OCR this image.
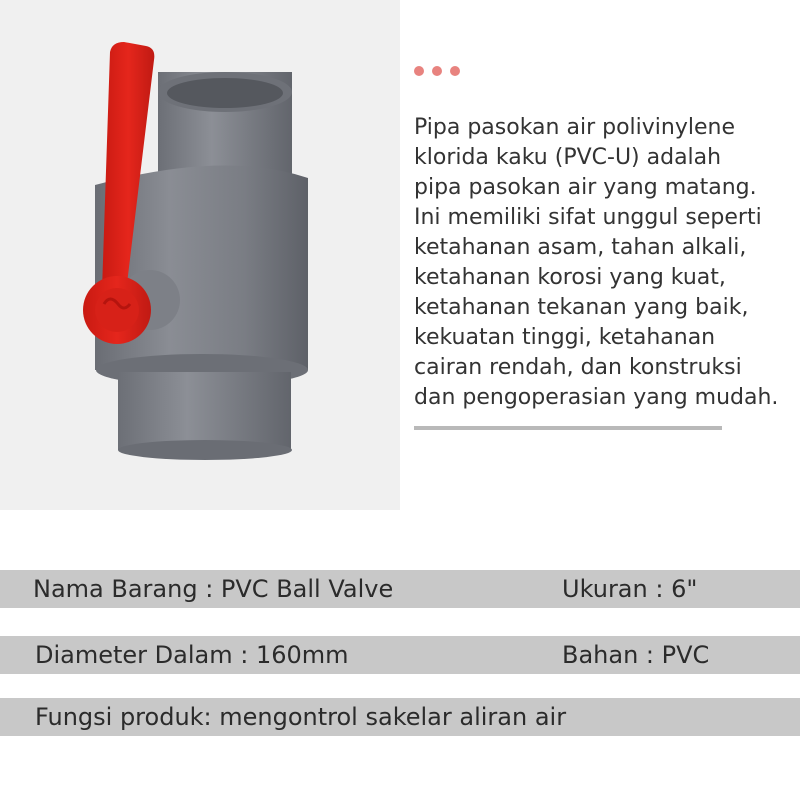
Pipa pasokan air polivinylene
klorida kaku (PVC-U) adalah
pipa pasokan air yang matang.
Ini memiliki sifat unggul seperti
ketahanan asam, tahan alkali,
ketahanan korosi yang kuat,
ketahanan tekanan yang baik,
kekuatan tinggi, ketahanan
cairan rendah, dan konstruksi
dan pengoperasian yang mudah.

Nama Barang : PVC Ball Valve	Ukuran : 6"
Diameter Dalam : 160mm	Bahan : PVC
Fungsi produk: mengontrol sakelar aliran air
